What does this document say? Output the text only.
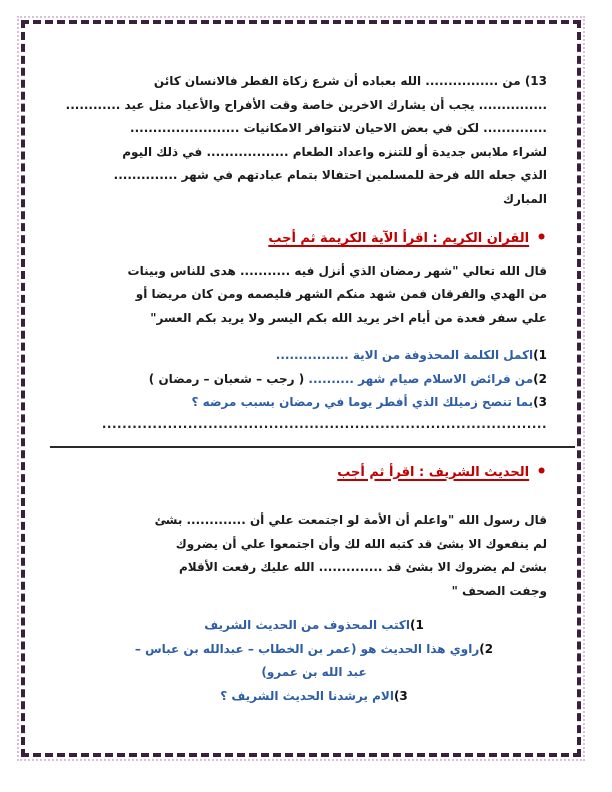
13) من ................ الله بعباده أن شرع زكاة الفطر فالانسان كائن

............... يجب أن يشارك الاخرين خاصة وقت الأفراح والأعياد مثل عيد ............

.............. لكن في بعض الاحيان لاتتوافر الامكانيات ........................

لشراء ملابس جديدة أو للتنزه واعداد الطعام .................. في ذلك اليوم

الذي جعله الله فرحة للمسلمين احتفالا بتمام عبادتهم في شهر ..............

المبارك

•القران الكريم : اقرأ الآية الكريمة ثم أجب

قال الله تعالي "شهر رمضان الذي أنزل فيه ........... هدى للناس وبينات

من الهدي والفرقان فمن شهد منكم الشهر فليصمه ومن كان مريضا أو

علي سفر فعدة من أيام اخر يريد الله بكم اليسر ولا يريد بكم العسر"

1)اكمل الكلمة المحذوفة من الاية ................

2)من فرائض الاسلام صيام شهر .......... ( رجب – شعبان – رمضان )

3)بما تنصح زميلك الذي أفطر يوما في رمضان بسبب مرضه ؟

........................................................................................

•الحديث الشريف : اقرأ ثم أجب

قال رسول الله "واعلم أن الأمة لو اجتمعت علي أن ............. بشئ

لم ينفعوك الا بشئ قد كتبه الله لك وأن اجتمعوا علي أن يضروك

بشئ لم يضروك الا بشئ قد .............. الله عليك رفعت الأقلام

وجفت الصحف "

1)اكتب المحذوف من الحديث الشريف

2)راوي هذا الحديث هو (عمر بن الخطاب – عبدالله بن عباس –

عبد الله بن عمرو)

3)الام يرشدنا الحديث الشريف ؟
